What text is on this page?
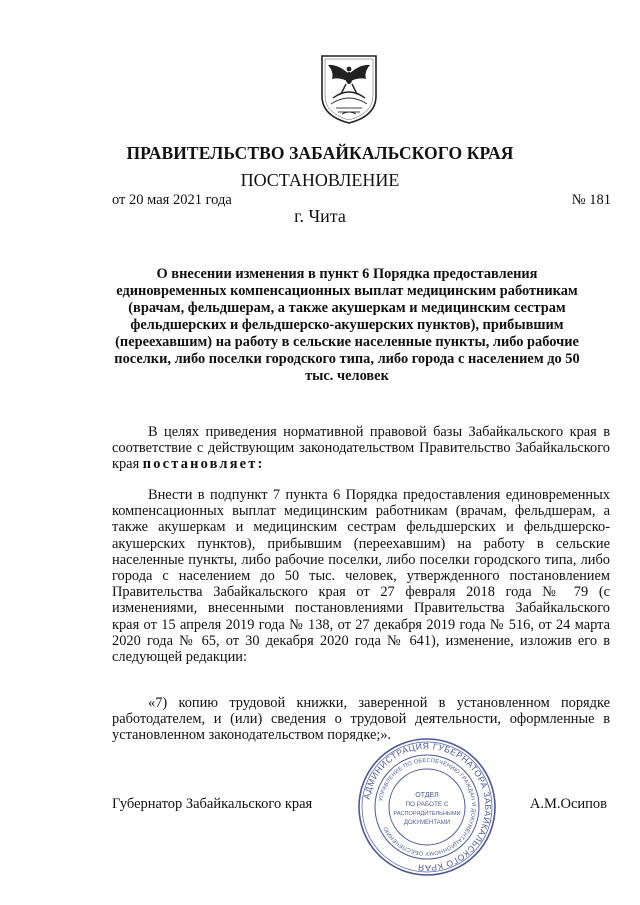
ПРАВИТЕЛЬСТВО ЗАБАЙКАЛЬСКОГО КРАЯ
ПОСТАНОВЛЕНИЕ
от 20 мая 2021 года	№ 181
г. Чита
О внесении изменения в пункт 6 Порядка предоставления единовременных компенсационных выплат медицинским работникам (врачам, фельдшерам, а также акушеркам и медицинским сестрам фельдшерских и фельдшерско-акушерских пунктов), прибывшим (переехавшим) на работу в сельские населенные пункты, либо рабочие поселки, либо поселки городского типа, либо города с населением до 50 тыс. человек
В целях приведения нормативной правовой базы Забайкальского края в соответствие с действующим законодательством Правительство Забайкальского края постановляет:
Внести в подпункт 7 пункта 6 Порядка предоставления единовременных компенсационных выплат медицинским работникам (врачам, фельдшерам, а также акушеркам и медицинским сестрам фельдшерских и фельдшерско-акушерских пунктов), прибывшим (переехавшим) на работу в сельские населенные пункты, либо рабочие поселки, либо поселки городского типа, либо города с населением до 50 тыс. человек, утвержденного постановлением Правительства Забайкальского края от 27 февраля 2018 года № 79 (с изменениями, внесенными постановлениями Правительства Забайкальского края от 15 апреля 2019 года № 138, от 27 декабря 2019 года № 516, от 24 марта 2020 года № 65, от 30 декабря 2020 года № 641), изменение, изложив его в следующей редакции:
«7) копию трудовой книжки, заверенной в установленном порядке работодателем, и (или) сведения о трудовой деятельности, оформленные в установленном законодательством порядке;».
Губернатор Забайкальского края	А.М.Осипов
АДМИНИСТРАЦИЯ ГУБЕРНАТОРА ЗАБАЙКАЛЬСКОГО КРАЯ
УПРАВЛЕНИЕ ПО ОБЕСПЕЧЕНИЮ ГРАЖДАН И ДОКУМЕНТАЦИОННОМУ ОБЕСПЕЧЕНИЮ
ОТДЕЛ
ПО РАБОТЕ С
РАСПОРЯДИТЕЛЬНЫМИ
ДОКУМЕНТАМИ
